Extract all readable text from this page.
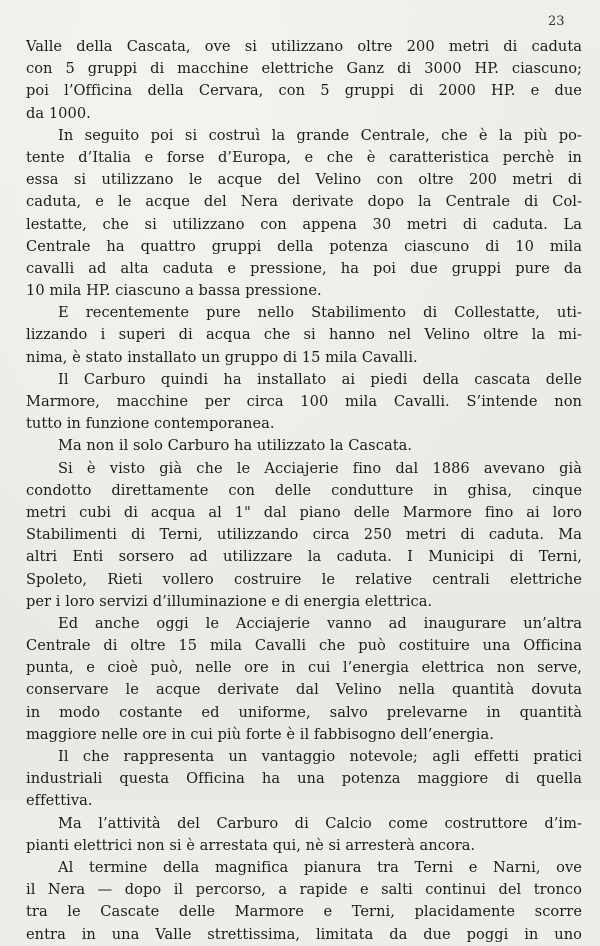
23
Valle della Cascata, ove si utilizzano oltre 200 metri di caduta
con 5 gruppi di macchine elettriche Ganz di 3000 HP. ciascuno;
poi l’Officina della Cervara, con 5 gruppi di 2000 HP. e due
da 1000.
In seguito poi si costruì la grande Centrale, che è la più po-
tente d’Italia e forse d’Europa, e che è caratteristica perchè in
essa si utilizzano le acque del Velino con oltre 200 metri di
caduta, e le acque del Nera derivate dopo la Centrale di Col-
lestatte, che si utilizzano con appena 30 metri di caduta. La
Centrale ha quattro gruppi della potenza ciascuno di 10 mila
cavalli ad alta caduta e pressione, ha poi due gruppi pure da
10 mila HP. ciascuno a bassa pressione.
E recentemente pure nello Stabilimento di Collestatte, uti-
lizzando i superi di acqua che si hanno nel Velino oltre la mi-
nima, è stato installato un gruppo di 15 mila Cavalli.
Il Carburo quindi ha installato ai piedi della cascata delle
Marmore, macchine per circa 100 mila Cavalli. S’intende non
tutto in funzione contemporanea.
Ma non il solo Carburo ha utilizzato la Cascata.
Si è visto già che le Acciajerie fino dal 1886 avevano già
condotto direttamente con delle condutture in ghisa, cinque
metri cubi di acqua al 1" dal piano delle Marmore fino ai loro
Stabilimenti di Terni, utilizzando circa 250 metri di caduta. Ma
altri Enti sorsero ad utilizzare la caduta. I Municipi di Terni,
Spoleto, Rieti vollero costruire le relative centrali elettriche
per i loro servizi d’illuminazione e di energia elettrica.
Ed anche oggi le Acciajerie vanno ad inaugurare un’altra
Centrale di oltre 15 mila Cavalli che può costituire una Officina
punta, e cioè può, nelle ore in cui l’energia elettrica non serve,
conservare le acque derivate dal Velino nella quantità dovuta
in modo costante ed uniforme, salvo prelevarne in quantità
maggiore nelle ore in cui più forte è il fabbisogno dell’energia.
Il che rappresenta un vantaggio notevole; agli effetti pratici
industriali questa Officina ha una potenza maggiore di quella
effettiva.
Ma l’attività del Carburo di Calcio come costruttore d’im-
pianti elettrici non si è arrestata qui, nè si arresterà ancora.
Al termine della magnifica pianura tra Terni e Narni, ove
il Nera — dopo il percorso, a rapide e salti continui del tronco
tra le Cascate delle Marmore e Terni, placidamente scorre
entra in una Valle strettissima, limitata da due poggi in uno
